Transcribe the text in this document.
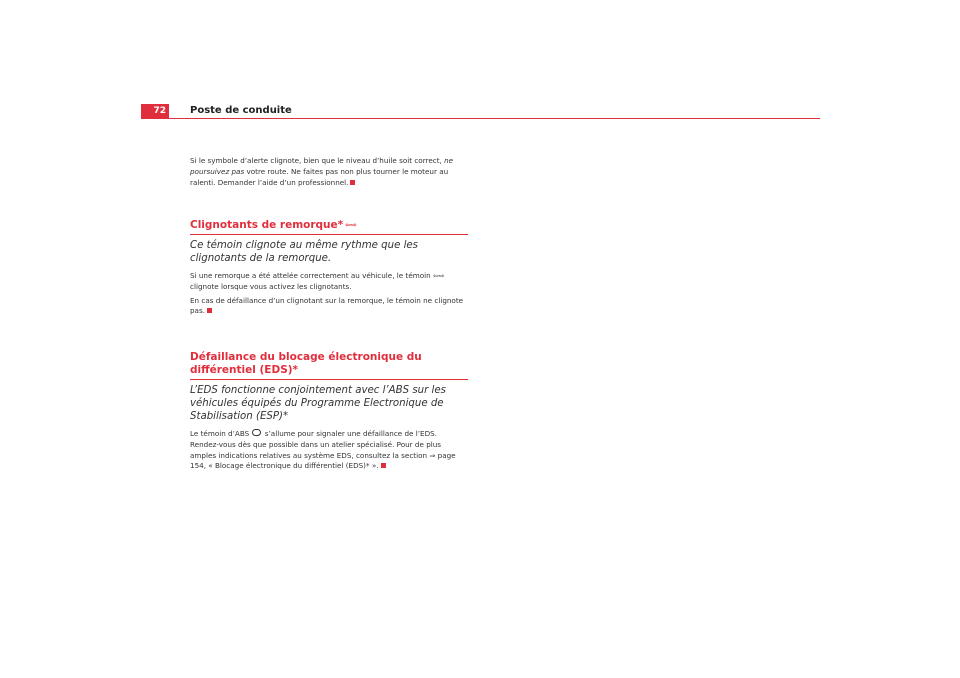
72	Poste de conduite

Si le symbole d’alerte clignote, bien que le niveau d’huile soit correct, ne poursuivez pas votre route. Ne faites pas non plus tourner le moteur au ralenti. Demander l’aide d’un professionnel.

Clignotants de remorque* ⇦⇨

Ce témoin clignote au même rythme que les clignotants de la remorque.

Si une remorque a été attelée correctement au véhicule, le témoin ⇦⇨ clignote lorsque vous activez les clignotants.

En cas de défaillance d’un clignotant sur la remorque, le témoin ne clignote pas.

Défaillance du blocage électronique du différentiel (EDS)*

L’EDS fonctionne conjointement avec l’ABS sur les véhicules équipés du Programme Electronique de Stabilisation (ESP)*

Le témoin d’ABS  s’allume pour signaler une défaillance de l’EDS. Rendez-vous dès que possible dans un atelier spécialisé. Pour de plus amples indications relatives au système EDS, consultez la section ⇒ page 154, « Blocage électronique du différentiel (EDS)* ».
